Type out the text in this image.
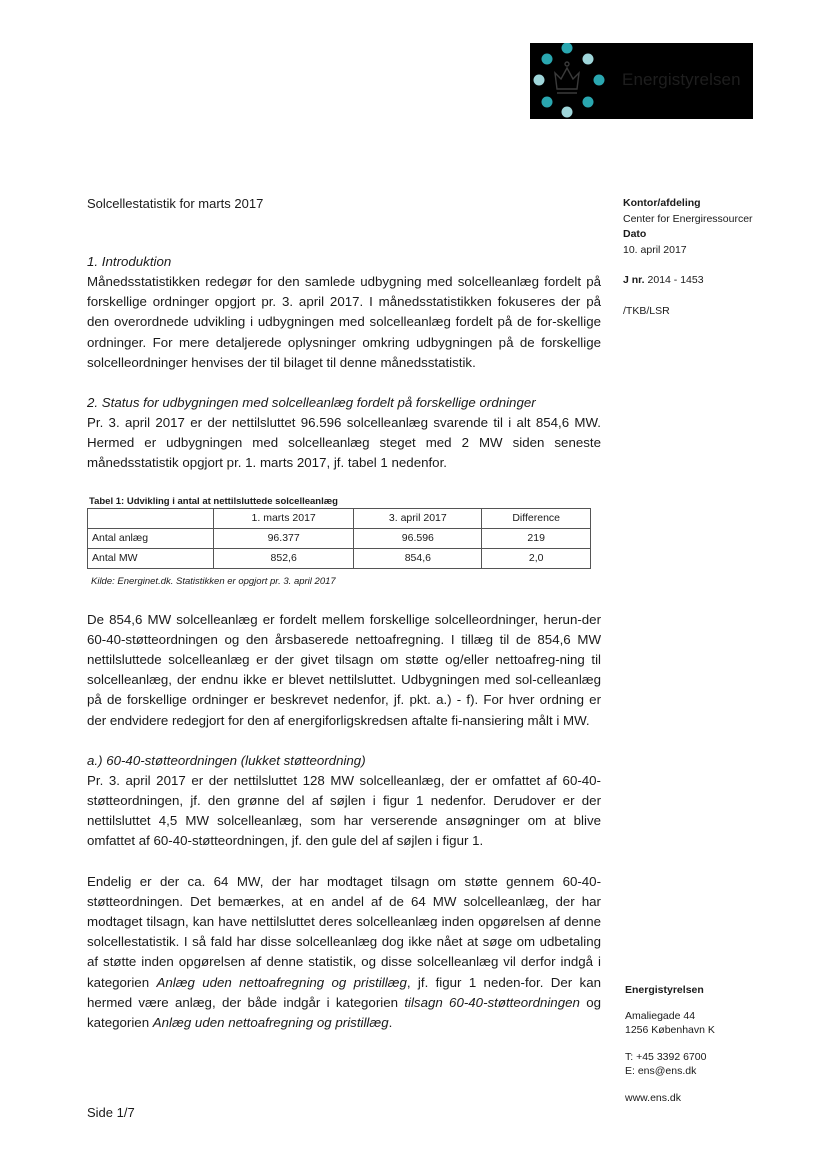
Energistyrelsen
Solcellestatistik for marts 2017	Kontor/afdeling
Center for Energiressourcer
Dato
10. april 2017
J nr. 2014 - 1453
/TKB/LSR

1. Introduktion

Månedsstatistikken redegør for den samlede udbygning med solcelleanlæg fordelt på forskellige ordninger opgjort pr. 3. april 2017. I månedsstatistikken fokuseres der på den overordnede udvikling i udbygningen med solcelleanlæg fordelt på de for-skellige ordninger. For mere detaljerede oplysninger omkring udbygningen på de forskellige solcelleordninger henvises der til bilaget til denne månedsstatistik.

2. Status for udbygningen med solcelleanlæg fordelt på forskellige ordninger

Pr. 3. april 2017 er der nettilsluttet 96.596 solcelleanlæg svarende til i alt 854,6 MW. Hermed er udbygningen med solcelleanlæg steget med 2 MW siden seneste månedsstatistik opgjort pr. 1. marts 2017, jf. tabel 1 nedenfor.

Tabel 1: Udvikling i antal at nettilsluttede solcelleanlæg
	1. marts 2017	3. april 2017	Difference
Antal anlæg	96.377	96.596	219
Antal MW	852,6	854,6	2,0
Kilde: Energinet.dk. Statistikken er opgjort pr. 3. april 2017

De 854,6 MW solcelleanlæg er fordelt mellem forskellige solcelleordninger, herun-der 60-40-støtteordningen og den årsbaserede nettoafregning. I tillæg til de 854,6 MW nettilsluttede solcelleanlæg er der givet tilsagn om støtte og/eller nettoafreg-ning til solcelleanlæg, der endnu ikke er blevet nettilsluttet. Udbygningen med sol-celleanlæg på de forskellige ordninger er beskrevet nedenfor, jf. pkt. a.) - f). For hver ordning er der endvidere redegjort for den af energiforligskredsen aftalte fi-nansiering målt i MW.

a.) 60-40-støtteordningen (lukket støtteordning)

Pr. 3. april 2017 er der nettilsluttet 128 MW solcelleanlæg, der er omfattet af 60-40-støtteordningen, jf. den grønne del af søjlen i figur 1 nedenfor. Derudover er der nettilsluttet 4,5 MW solcelleanlæg, som har verserende ansøgninger om at blive omfattet af 60-40-støtteordningen, jf. den gule del af søjlen i figur 1.

Endelig er der ca. 64 MW, der har modtaget tilsagn om støtte gennem 60-40-støtteordningen. Det bemærkes, at en andel af de 64 MW solcelleanlæg, der har modtaget tilsagn, kan have nettilsluttet deres solcelleanlæg inden opgørelsen af denne solcellestatistik. I så fald har disse solcelleanlæg dog ikke nået at søge om udbetaling af støtte inden opgørelsen af denne statistik, og disse solcelleanlæg vil derfor indgå i kategorien Anlæg uden nettoafregning og pristillæg, jf. figur 1 neden-for. Der kan hermed være anlæg, der både indgår i kategorien tilsagn 60-40-støtteordningen og kategorien Anlæg uden nettoafregning og pristillæg.

Energistyrelsen
Amaliegade 44
1256 København K
T: +45 3392 6700
E: ens@ens.dk
www.ens.dk
Side 1/7
